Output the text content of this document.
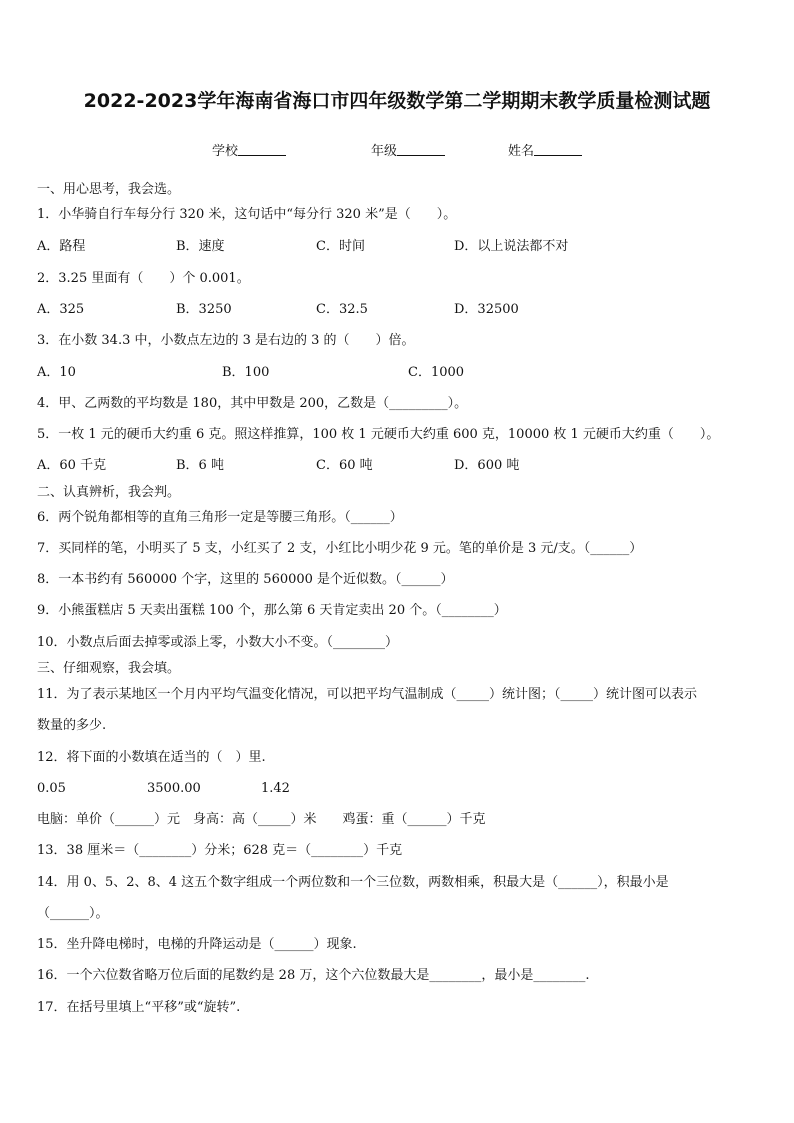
2022-2023学年海南省海口市四年级数学第二学期期末教学质量检测试题
学校	年级	姓名
一、用心思考，我会选。
1．小华骑自行车每分行 320 米，这句话中“每分行 320 米”是（　　）。
A．路程	B．速度	C．时间	D．以上说法都不对
2．3.25 里面有（　　）个 0.001。
A．325	B．3250	C．32.5	D．32500
3．在小数 34.3 中，小数点左边的 3 是右边的 3 的（　　）倍。
A．10	B．100	C．1000
4．甲、乙两数的平均数是 180，其中甲数是 200，乙数是（_________）。
5．一枚 1 元的硬币大约重 6 克。照这样推算，100 枚 1 元硬币大约重 600 克，10000 枚 1 元硬币大约重（　　）。
A．60 千克	B．6 吨	C．60 吨	D．600 吨
二、认真辨析，我会判。
6．两个锐角都相等的直角三角形一定是等腰三角形。（______）
7．买同样的笔，小明买了 5 支，小红买了 2 支，小红比小明少花 9 元。笔的单价是 3 元/支。（______）
8．一本书约有 560000 个字，这里的 560000 是个近似数。（______）
9．小熊蛋糕店 5 天卖出蛋糕 100 个，那么第 6 天肯定卖出 20 个。（________）
10．小数点后面去掉零或添上零，小数大小不变。（________）
三、仔细观察，我会填。
11．为了表示某地区一个月内平均气温变化情况，可以把平均气温制成（_____）统计图；（_____）统计图可以表示
数量的多少.
12．将下面的小数填在适当的（　）里.
0.05	3500.00	1.42
电脑：单价（______）元　身高：高（_____）米　　鸡蛋：重（______）千克
13．38 厘米＝（________）分米；628 克＝（________）千克
14．用 0、5、2、8、4 这五个数字组成一个两位数和一个三位数，两数相乘，积最大是（______），积最小是
（______）。
15．坐升降电梯时，电梯的升降运动是（______）现象.
16．一个六位数省略万位后面的尾数约是 28 万，这个六位数最大是________，最小是________.
17．在括号里填上“平移”或“旋转”.
